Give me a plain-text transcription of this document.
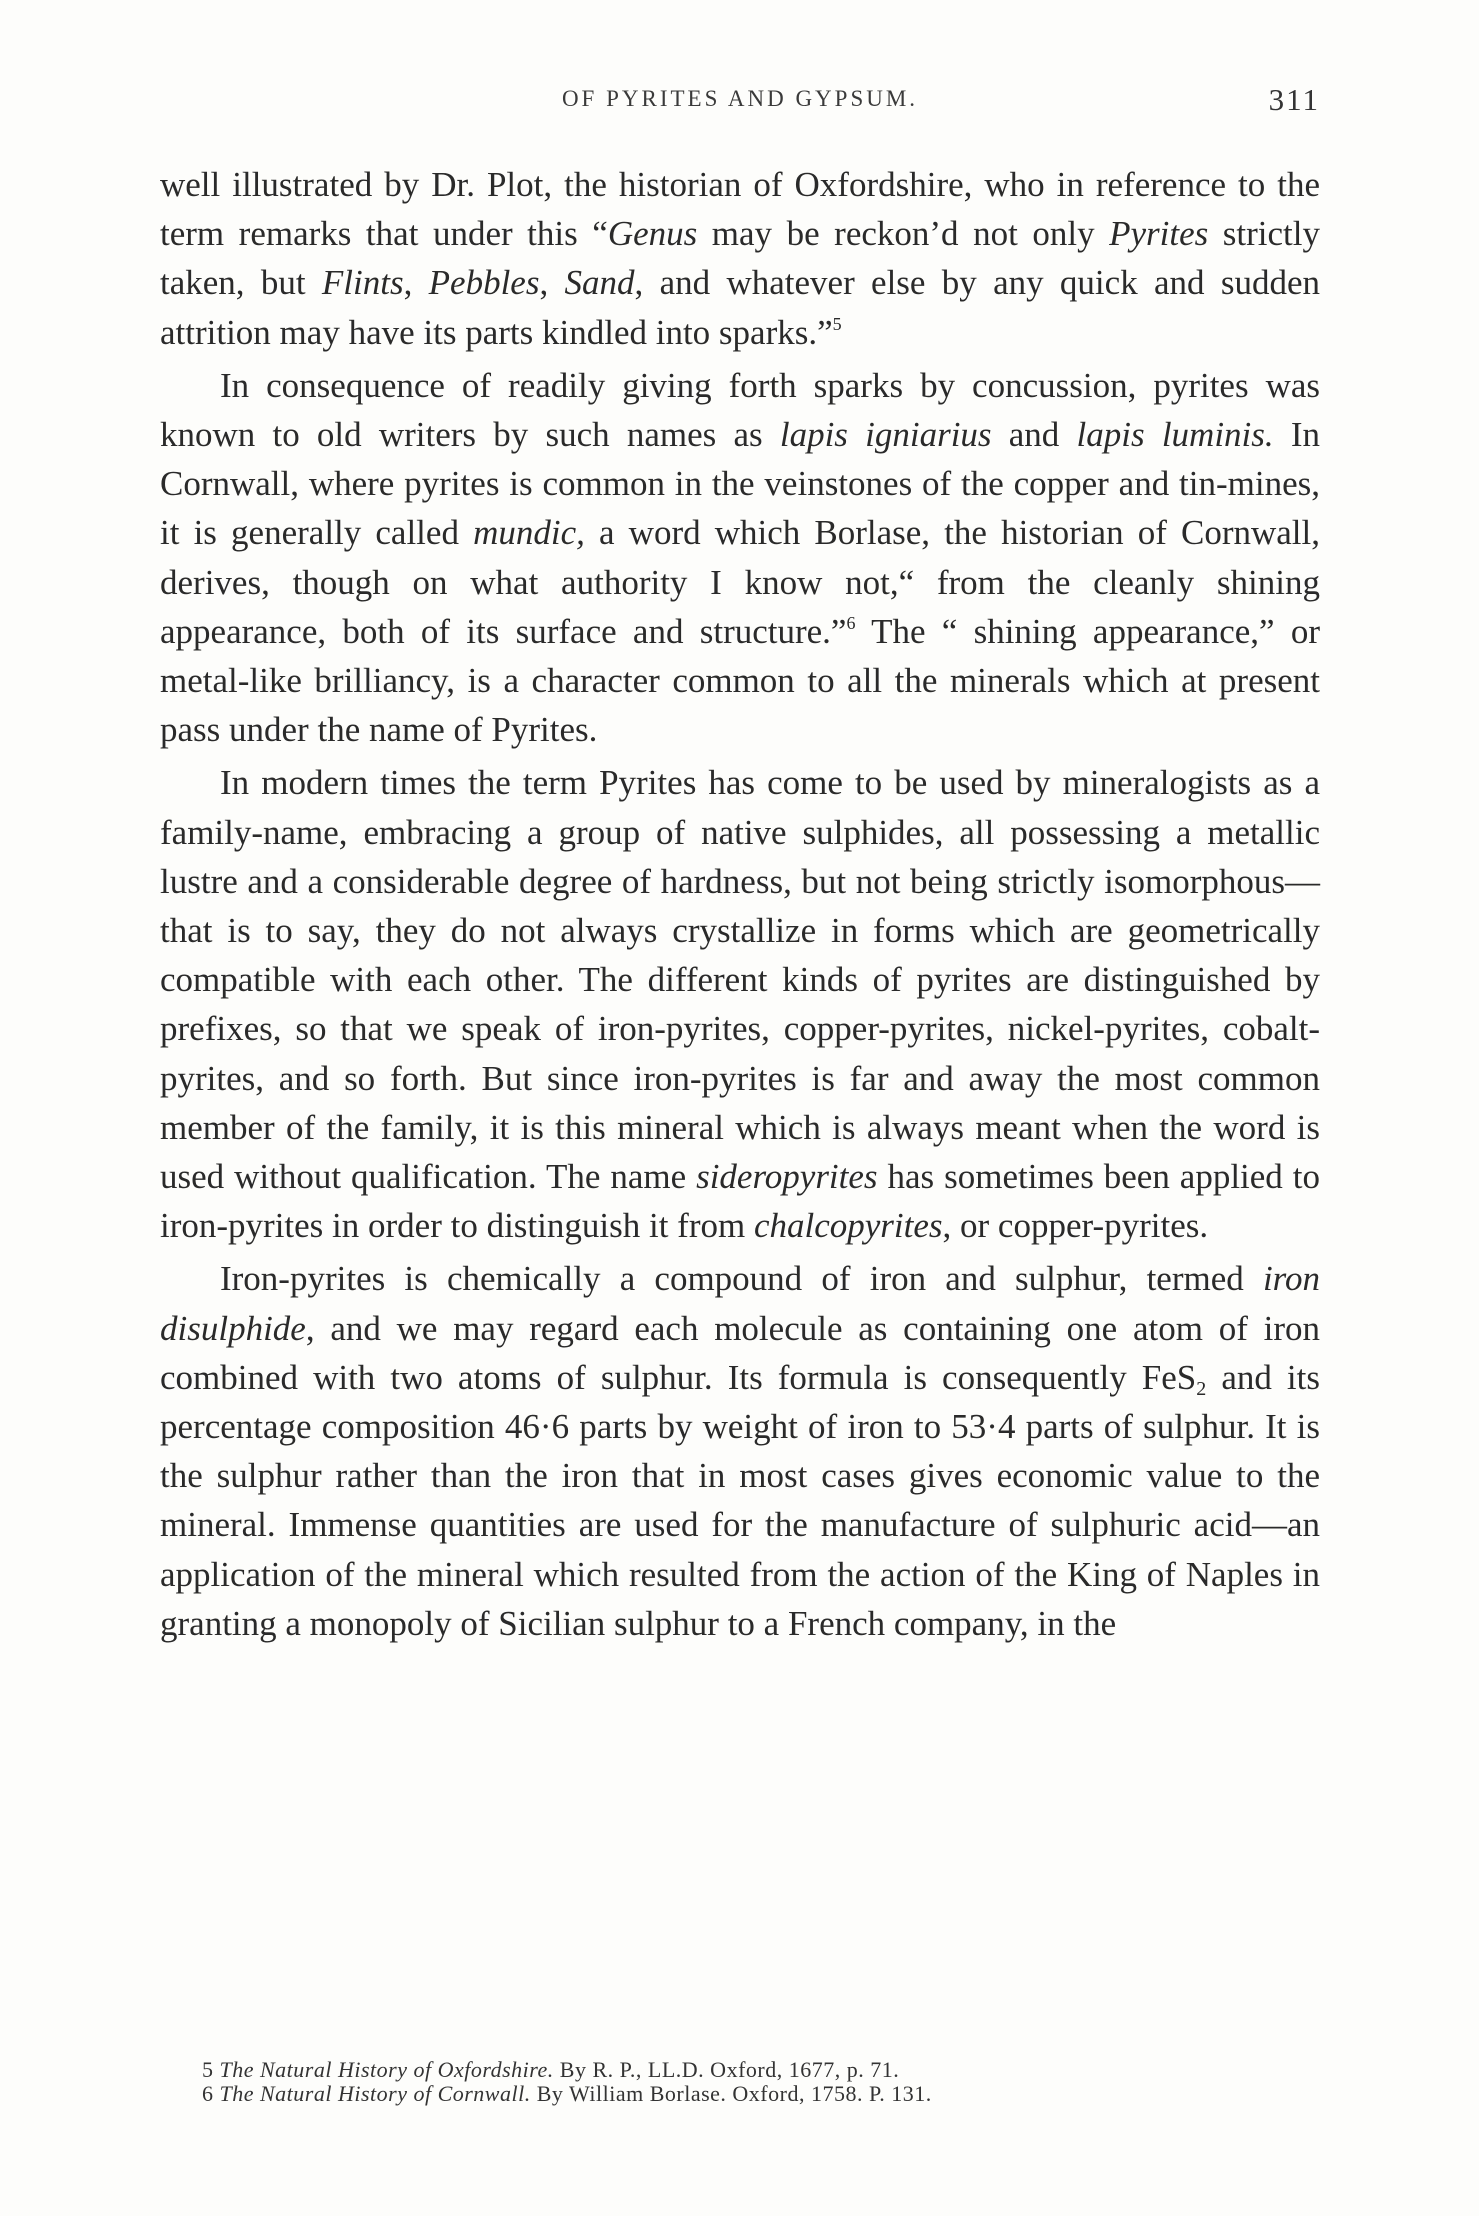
OF PYRITES AND GYPSUM.	311

well illustrated by Dr. Plot, the historian of Oxfordshire, who in reference to the term remarks that under this “Genus may be reckon’d not only Pyrites strictly taken, but Flints, Pebbles, Sand, and whatever else by any quick and sudden attrition may have its parts kindled into sparks.”$^5$

In consequence of readily giving forth sparks by concussion, pyrites was known to old writers by such names as lapis igniarius and lapis luminis. In Cornwall, where pyrites is common in the veinstones of the copper and tin-mines, it is generally called mundic, a word which Borlase, the historian of Cornwall, derives, though on what authority I know not,“ from the cleanly shining appearance, both of its surface and structure.”$^6$ The “ shining appearance,” or metal-like brilliancy, is a character common to all the minerals which at present pass under the name of Pyrites.

In modern times the term Pyrites has come to be used by mineralogists as a family-name, embracing a group of native sulphides, all possessing a metallic lustre and a considerable degree of hardness, but not being strictly isomorphous—that is to say, they do not always crystallize in forms which are geometrically compatible with each other. The different kinds of pyrites are distinguished by prefixes, so that we speak of iron-pyrites, copper-pyrites, nickel-pyrites, cobalt-pyrites, and so forth. But since iron-pyrites is far and away the most common member of the family, it is this mineral which is always meant when the word is used without qualification. The name sideropyrites has sometimes been applied to iron-pyrites in order to distinguish it from chalcopyrites, or copper-pyrites.

Iron-pyrites is chemically a compound of iron and sulphur, termed iron disulphide, and we may regard each molecule as containing one atom of iron combined with two atoms of sulphur. Its formula is consequently FeS$_2$ and its percentage composition 46·6 parts by weight of iron to 53·4 parts of sulphur. It is the sulphur rather than the iron that in most cases gives economic value to the mineral. Immense quantities are used for the manufacture of sulphuric acid—an application of the mineral which resulted from the action of the King of Naples in granting a monopoly of Sicilian sulphur to a French company, in the

5 The Natural History of Oxfordshire. By R. P., LL.D. Oxford, 1677, p. 71.

6 The Natural History of Cornwall. By William Borlase. Oxford, 1758. P. 131.
